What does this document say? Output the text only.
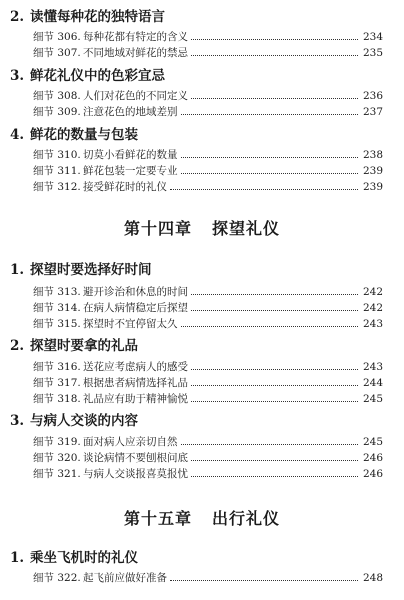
2. 读懂每种花的独特语言
细节 306. 每种花都有特定的含义	234
细节 307. 不同地域对鲜花的禁忌	235
3. 鲜花礼仪中的色彩宜忌
细节 308. 人们对花色的不同定义	236
细节 309. 注意花色的地域差别	237
4. 鲜花的数量与包装
细节 310. 切莫小看鲜花的数量	238
细节 311. 鲜花包装一定要专业	239
细节 312. 接受鲜花时的礼仪	239
第十四章 探望礼仪
1. 探望时要选择好时间
细节 313. 避开诊治和休息的时间	242
细节 314. 在病人病情稳定后探望	242
细节 315. 探望时不宜停留太久	243
2. 探望时要拿的礼品
细节 316. 送花应考虑病人的感受	243
细节 317. 根据患者病情选择礼品	244
细节 318. 礼品应有助于精神愉悦	245
3. 与病人交谈的内容
细节 319. 面对病人应亲切自然	245
细节 320. 谈论病情不要刨根问底	246
细节 321. 与病人交谈报喜莫报忧	246
第十五章 出行礼仪
1. 乘坐飞机时的礼仪
细节 322. 起飞前应做好准备	248
